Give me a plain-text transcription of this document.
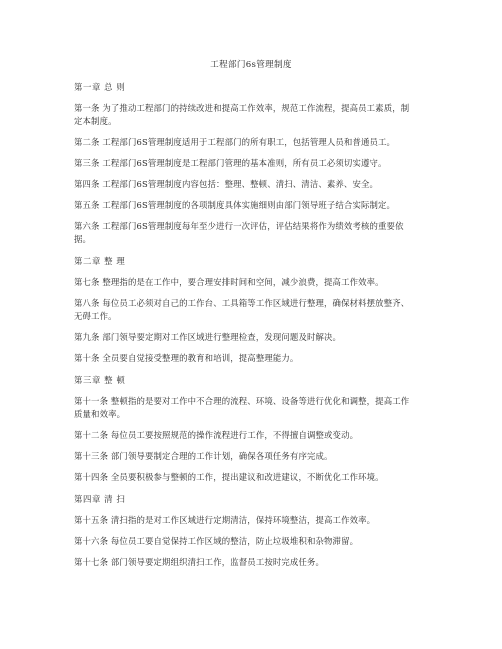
工程部门6s管理制度
第一章 总 则
第一条 为了推动工程部门的持续改进和提高工作效率，规范工作流程，提高员工素质，制
定本制度。
第二条 工程部门6S管理制度适用于工程部门的所有职工，包括管理人员和普通员工。
第三条 工程部门6S管理制度是工程部门管理的基本准则，所有员工必须切实遵守。
第四条 工程部门6S管理制度内容包括：整理、整顿、清扫、清洁、素养、安全。
第五条 工程部门6S管理制度的各项制度具体实施细则由部门领导班子结合实际制定。
第六条 工程部门6S管理制度每年至少进行一次评估，评估结果将作为绩效考核的重要依
据。
第二章 整 理
第七条 整理指的是在工作中，要合理安排时间和空间，减少浪费，提高工作效率。
第八条 每位员工必须对自己的工作台、工具箱等工作区域进行整理，确保材料摆放整齐、
无碍工作。
第九条 部门领导要定期对工作区域进行整理检查，发现问题及时解决。
第十条 全员要自觉接受整理的教育和培训，提高整理能力。
第三章 整 顿
第十一条 整顿指的是要对工作中不合理的流程、环境、设备等进行优化和调整，提高工作
质量和效率。
第十二条 每位员工要按照规范的操作流程进行工作，不得擅自调整或变动。
第十三条 部门领导要制定合理的工作计划，确保各项任务有序完成。
第十四条 全员要积极参与整顿的工作，提出建议和改进建议，不断优化工作环境。
第四章 清 扫
第十五条 清扫指的是对工作区域进行定期清洁，保持环境整洁，提高工作效率。
第十六条 每位员工要自觉保持工作区域的整洁，防止垃圾堆积和杂物滞留。
第十七条 部门领导要定期组织清扫工作，监督员工按时完成任务。
